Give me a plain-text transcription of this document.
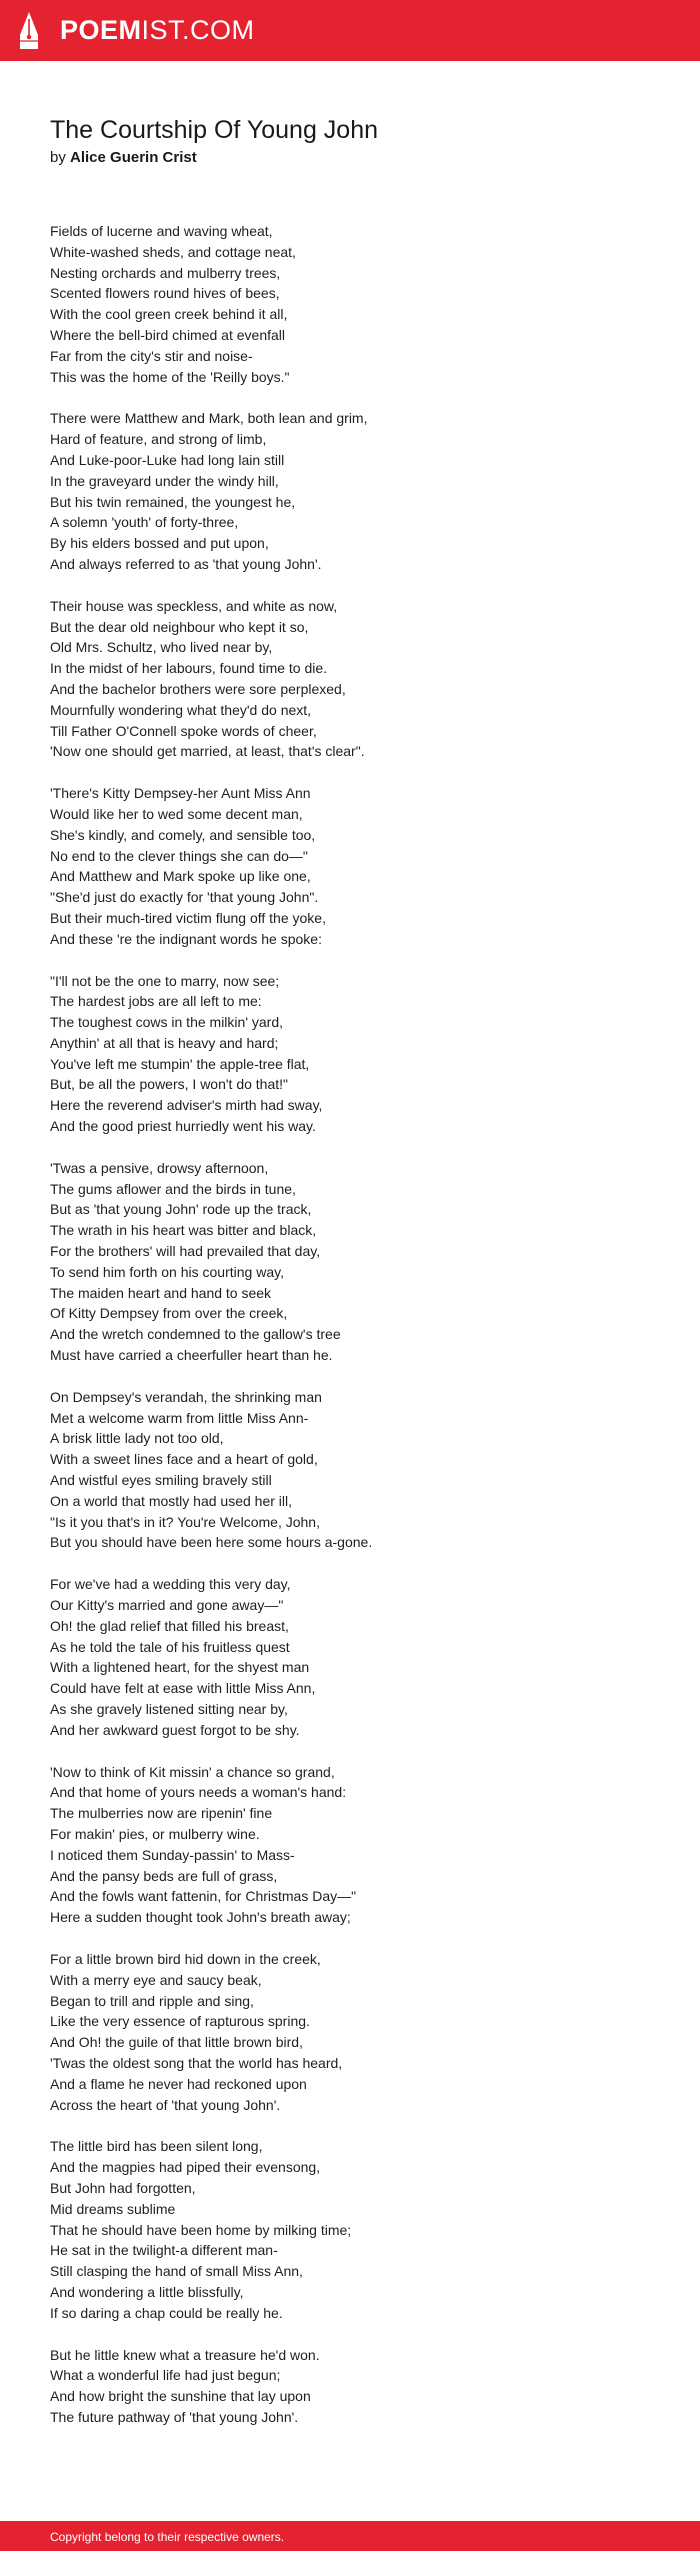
POEMIST.COM
The Courtship Of Young John
by Alice Guerin Crist
Fields of lucerne and waving wheat,
White-washed sheds, and cottage neat,
Nesting orchards and mulberry trees,
Scented flowers round hives of bees,
With the cool green creek behind it all,
Where the bell-bird chimed at evenfall
Far from the city's stir and noise-
This was the home of the 'Reilly boys."
There were Matthew and Mark, both lean and grim,
Hard of feature, and strong of limb,
And Luke-poor-Luke had long lain still
In the graveyard under the windy hill,
But his twin remained, the youngest he,
A solemn 'youth' of forty-three,
By his elders bossed and put upon,
And always referred to as 'that young John'.
Their house was speckless, and white as now,
But the dear old neighbour who kept it so,
Old Mrs. Schultz, who lived near by,
In the midst of her labours, found time to die.
And the bachelor brothers were sore perplexed,
Mournfully wondering what they'd do next,
Till Father O'Connell spoke words of cheer,
'Now one should get married, at least, that's clear".
'There's Kitty Dempsey-her Aunt Miss Ann
Would like her to wed some decent man,
She's kindly, and comely, and sensible too,
No end to the clever things she can do—"
And Matthew and Mark spoke up like one,
"She'd just do exactly for 'that young John".
But their much-tired victim flung off the yoke,
And these 're the indignant words he spoke:
"I'll not be the one to marry, now see;
The hardest jobs are all left to me:
The toughest cows in the milkin' yard,
Anythin' at all that is heavy and hard;
You've left me stumpin' the apple-tree flat,
But, be all the powers, I won't do that!"
Here the reverend adviser's mirth had sway,
And the good priest hurriedly went his way.
'Twas a pensive, drowsy afternoon,
The gums aflower and the birds in tune,
But as 'that young John' rode up the track,
The wrath in his heart was bitter and black,
For the brothers' will had prevailed that day,
To send him forth on his courting way,
The maiden heart and hand to seek
Of Kitty Dempsey from over the creek,
And the wretch condemned to the gallow's tree
Must have carried a cheerfuller heart than he.
On Dempsey's verandah, the shrinking man
Met a welcome warm from little Miss Ann-
A brisk little lady not too old,
With a sweet lines face and a heart of gold,
And wistful eyes smiling bravely still
On a world that mostly had used her ill,
"Is it you that's in it? You're Welcome, John,
But you should have been here some hours a-gone.
For we've had a wedding this very day,
Our Kitty's married and gone away—"
Oh! the glad relief that filled his breast,
As he told the tale of his fruitless quest
With a lightened heart, for the shyest man
Could have felt at ease with little Miss Ann,
As she gravely listened sitting near by,
And her awkward guest forgot to be shy.
'Now to think of Kit missin' a chance so grand,
And that home of yours needs a woman's hand:
The mulberries now are ripenin' fine
For makin' pies, or mulberry wine.
I noticed them Sunday-passin' to Mass-
And the pansy beds are full of grass,
And the fowls want fattenin, for Christmas Day—"
Here a sudden thought took John's breath away;
For a little brown bird hid down in the creek,
With a merry eye and saucy beak,
Began to trill and ripple and sing,
Like the very essence of rapturous spring.
And Oh! the guile of that little brown bird,
'Twas the oldest song that the world has heard,
And a flame he never had reckoned upon
Across the heart of 'that young John'.
The little bird has been silent long,
And the magpies had piped their evensong,
But John had forgotten,
Mid dreams sublime
That he should have been home by milking time;
He sat in the twilight-a different man-
Still clasping the hand of small Miss Ann,
And wondering a little blissfully,
If so daring a chap could be really he.
But he little knew what a treasure he'd won.
What a wonderful life had just begun;
And how bright the sunshine that lay upon
The future pathway of 'that young John'.
Copyright belong to their respective owners.
